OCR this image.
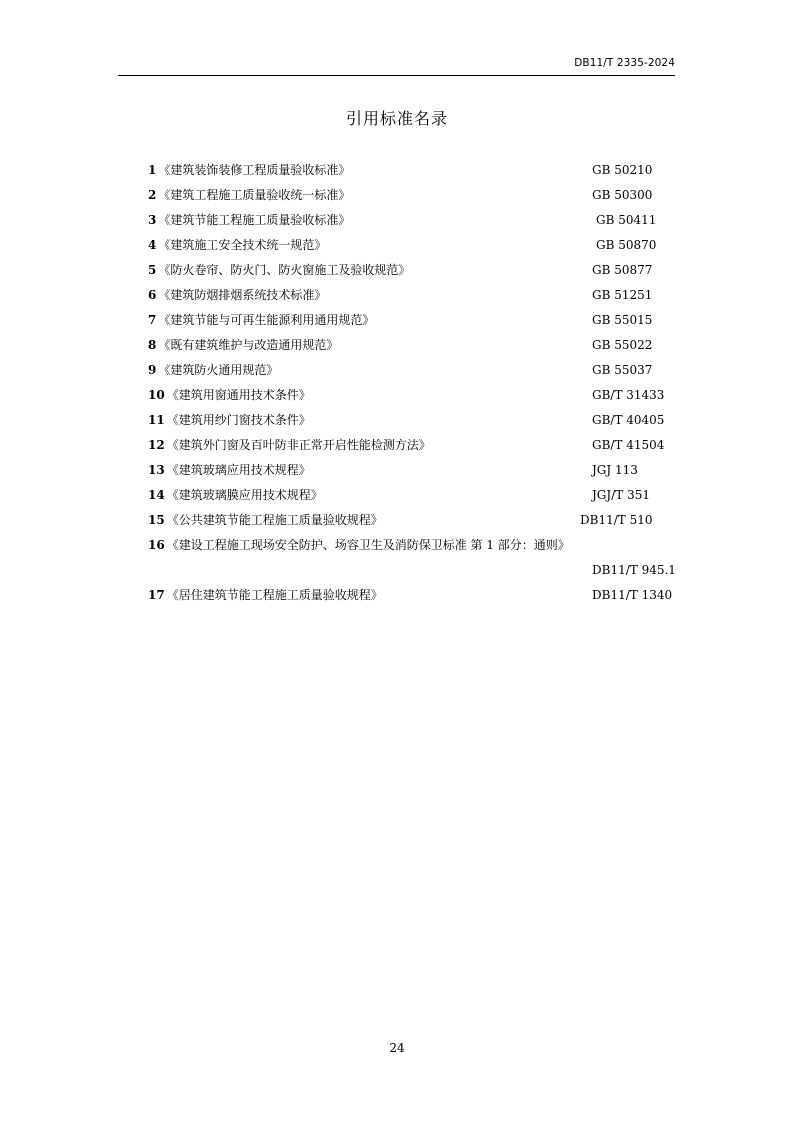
DB11/T 2335-2024
引用标准名录
1 《建筑装饰装修工程质量验收标准》	GB 50210
2 《建筑工程施工质量验收统一标准》	GB 50300
3 《建筑节能工程施工质量验收标准》	GB 50411
4 《建筑施工安全技术统一规范》	GB 50870
5 《防火卷帘、防火门、防火窗施工及验收规范》	GB 50877
6 《建筑防烟排烟系统技术标准》	GB 51251
7 《建筑节能与可再生能源利用通用规范》	GB 55015
8 《既有建筑维护与改造通用规范》	GB 55022
9 《建筑防火通用规范》	GB 55037
10 《建筑用窗通用技术条件》	GB/T 31433
11 《建筑用纱门窗技术条件》	GB/T 40405
12 《建筑外门窗及百叶防非正常开启性能检测方法》	GB/T 41504
13 《建筑玻璃应用技术规程》	JGJ 113
14 《建筑玻璃膜应用技术规程》	JGJ/T 351
15 《公共建筑节能工程施工质量验收规程》	DB11/T 510
16 《建设工程施工现场安全防护、场容卫生及消防保卫标准 第 1 部分：通则》
DB11/T 945.1
17 《居住建筑节能工程施工质量验收规程》	DB11/T 1340
24
